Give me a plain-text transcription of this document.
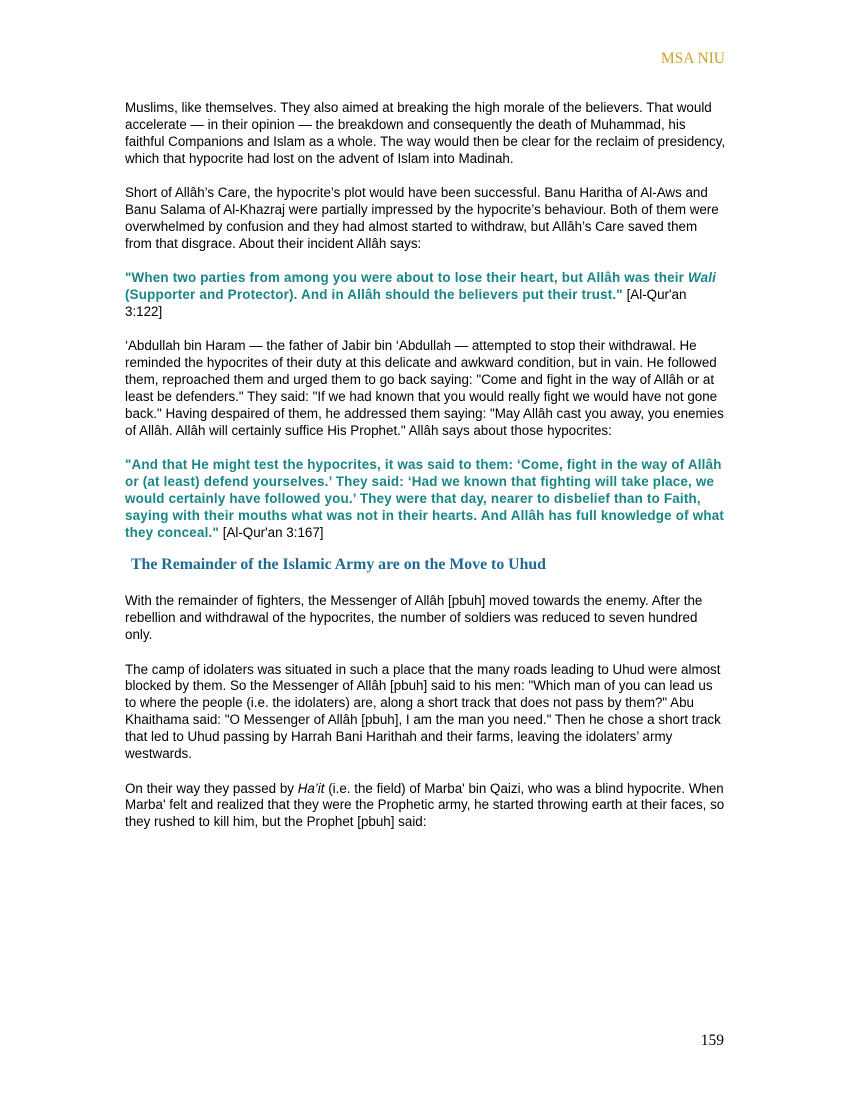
MSA NIU

Muslims, like themselves. They also aimed at breaking the high morale of the believers. That would accelerate — in their opinion — the breakdown and consequently the death of Muhammad, his faithful Companions and Islam as a whole. The way would then be clear for the reclaim of presidency, which that hypocrite had lost on the advent of Islam into Madinah.

Short of Allâh’s Care, the hypocrite’s plot would have been successful. Banu Haritha of Al-Aws and Banu Salama of Al-Khazraj were partially impressed by the hypocrite’s behaviour. Both of them were overwhelmed by confusion and they had almost started to withdraw, but Allâh’s Care saved them from that disgrace. About their incident Allâh says:

"When two parties from among you were about to lose their heart, but Allâh was their Wali (Supporter and Protector). And in Allâh should the believers put their trust." [Al-Qur'an 3:122]

‘Abdullah bin Haram — the father of Jabir bin ‘Abdullah — attempted to stop their withdrawal. He reminded the hypocrites of their duty at this delicate and awkward condition, but in vain. He followed them, reproached them and urged them to go back saying: "Come and fight in the way of Allâh or at least be defenders." They said: "If we had known that you would really fight we would have not gone back." Having despaired of them, he addressed them saying: "May Allâh cast you away, you enemies of Allâh. Allâh will certainly suffice His Prophet." Allâh says about those hypocrites:

"And that He might test the hypocrites, it was said to them: ‘Come, fight in the way of Allâh or (at least) defend yourselves.’ They said: ‘Had we known that fighting will take place, we would certainly have followed you.’ They were that day, nearer to disbelief than to Faith, saying with their mouths what was not in their hearts. And Allâh has full knowledge of what they conceal." [Al-Qur'an 3:167]

The Remainder of the Islamic Army are on the Move to Uhud

With the remainder of fighters, the Messenger of Allâh [pbuh] moved towards the enemy. After the rebellion and withdrawal of the hypocrites, the number of soldiers was reduced to seven hundred only.

The camp of idolaters was situated in such a place that the many roads leading to Uhud were almost blocked by them. So the Messenger of Allâh [pbuh] said to his men: "Which man of you can lead us to where the people (i.e. the idolaters) are, along a short track that does not pass by them?" Abu Khaithama said: "O Messenger of Allâh [pbuh], I am the man you need." Then he chose a short track that led to Uhud passing by Harrah Bani Harithah and their farms, leaving the idolaters’ army westwards.

On their way they passed by Ha’it (i.e. the field) of Marba' bin Qaizi, who was a blind hypocrite. When Marba' felt and realized that they were the Prophetic army, he started throwing earth at their faces, so they rushed to kill him, but the Prophet [pbuh] said:

159
